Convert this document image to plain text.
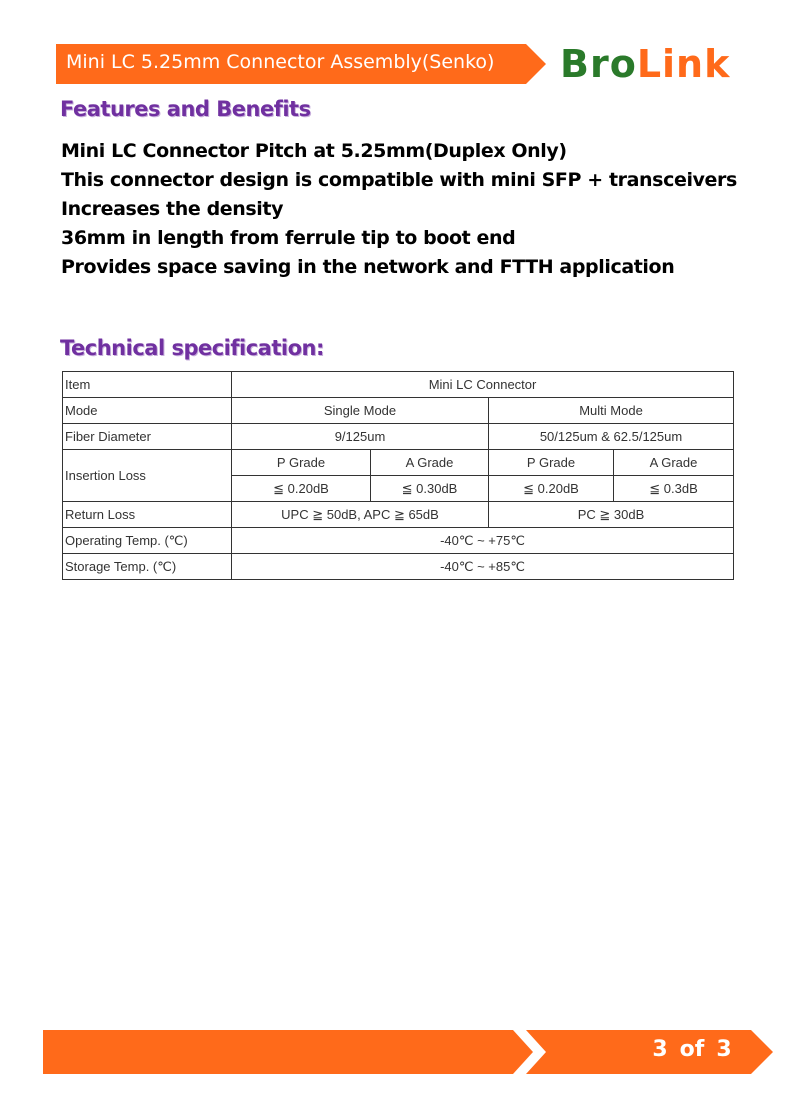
Mini LC 5.25mm Connector Assembly(Senko) BroLink
Features and Benefits
Mini LC Connector Pitch at 5.25mm(Duplex Only)
This connector design is compatible with mini SFP + transceivers
Increases the density
36mm in length from ferrule tip to boot end
Provides space saving in the network and FTTH application
Technical specification:
Item	Mini LC Connector			
Mode	Single Mode		Multi Mode	
Fiber Diameter	9/125um		50/125um & 62.5/125um	
Insertion Loss	P Grade	A Grade	P Grade	A Grade
	≦ 0.20dB	≦ 0.30dB	≦ 0.20dB	≦ 0.3dB
Return Loss	UPC ≧ 50dB, APC ≧ 65dB		PC ≧ 30dB	
Operating Temp. (℃)	-40℃ ~ +75℃			
Storage Temp. (℃)	-40℃ ~ +85℃			
3 of 3
